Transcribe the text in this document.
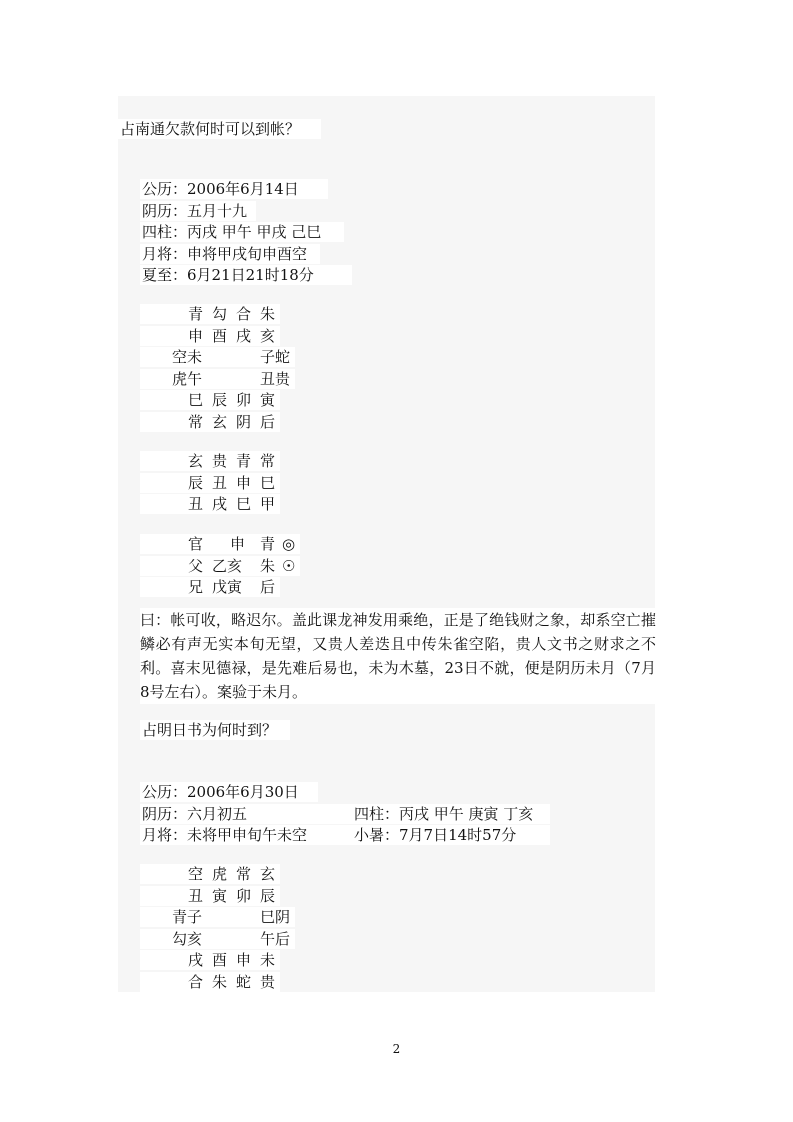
占南通欠款何时可以到帐？
公历：2006年6月14日
阴历：五月十九
四柱：丙戌 甲午 甲戌 己巳
月将：申将甲戌旬申酉空
夏至：6月21日21时18分
青 勾 合 朱
申 酉 戌 亥
空未	子蛇
虎午	丑贵
巳 辰 卯 寅
常 玄 阴 后
玄 贵 青 常
辰 丑 申 巳
丑 戌 巳 甲
官 申 青 ◎
父 乙亥 朱 ☉
兄 戊寅 后
曰：帐可收，略迟尔。盖此课龙神发用乘绝，正是了绝钱财之象，却系空亡摧鳞必有声无实本旬无望，又贵人差迭且中传朱雀空陷，贵人文书之财求之不利。喜末见德禄，是先难后易也，未为木墓，23日不就，便是阴历未月（7月8号左右）。案验于未月。
占明日书为何时到？
公历：2006年6月30日
阴历：六月初五	四柱：丙戌 甲午 庚寅 丁亥
月将：未将甲申旬午未空	小暑：7月7日14时57分
空 虎 常 玄
丑 寅 卯 辰
青子	巳阴
勾亥	午后
戌 酉 申 未
合 朱 蛇 贵
2
